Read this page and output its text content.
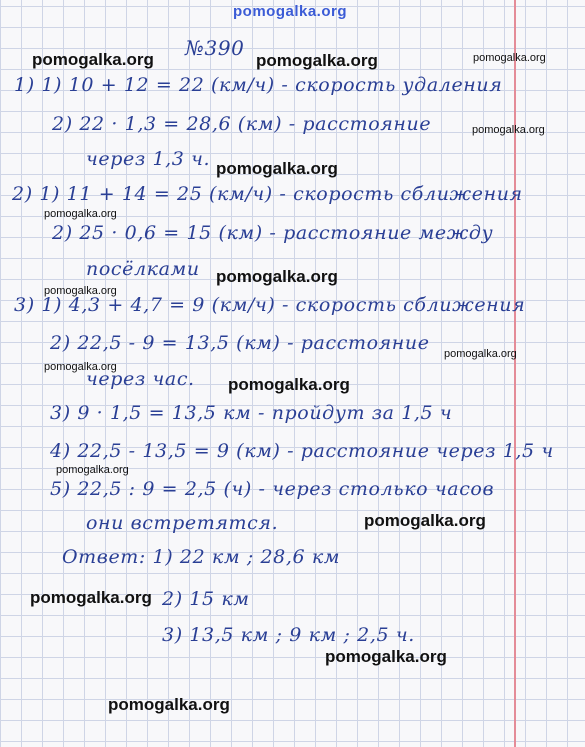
pomogalka.org
№390
1) 1) 10 + 12 = 22 (км/ч) - скорость удаления
2) 22 · 1,3 = 28,6 (км) - расстояние
через 1,3 ч.
2) 1) 11 + 14 = 25 (км/ч) - скорость сближения
2) 25 · 0,6 = 15 (км) - расстояние между
посёлками
3) 1) 4,3 + 4,7 = 9 (км/ч) - скорость сближения
2) 22,5 - 9 = 13,5 (км) - расстояние
через час.
3) 9 · 1,5 = 13,5 км - пройдут за 1,5 ч
4) 22,5 - 13,5 = 9 (км) - расстояние через 1,5 ч
5) 22,5 : 9 = 2,5 (ч) - через столько часов
они встретятся.
Ответ: 1) 22 км ; 28,6 км
2) 15 км
3) 13,5 км ; 9 км ; 2,5 ч.
pomogalka.org	pomogalka.org	pomogalka.org
pomogalka.org
pomogalka.org
pomogalka.org
pomogalka.org
pomogalka.org
pomogalka.org
pomogalka.org
pomogalka.org
pomogalka.org
pomogalka.org
pomogalka.org
pomogalka.org
pomogalka.org
